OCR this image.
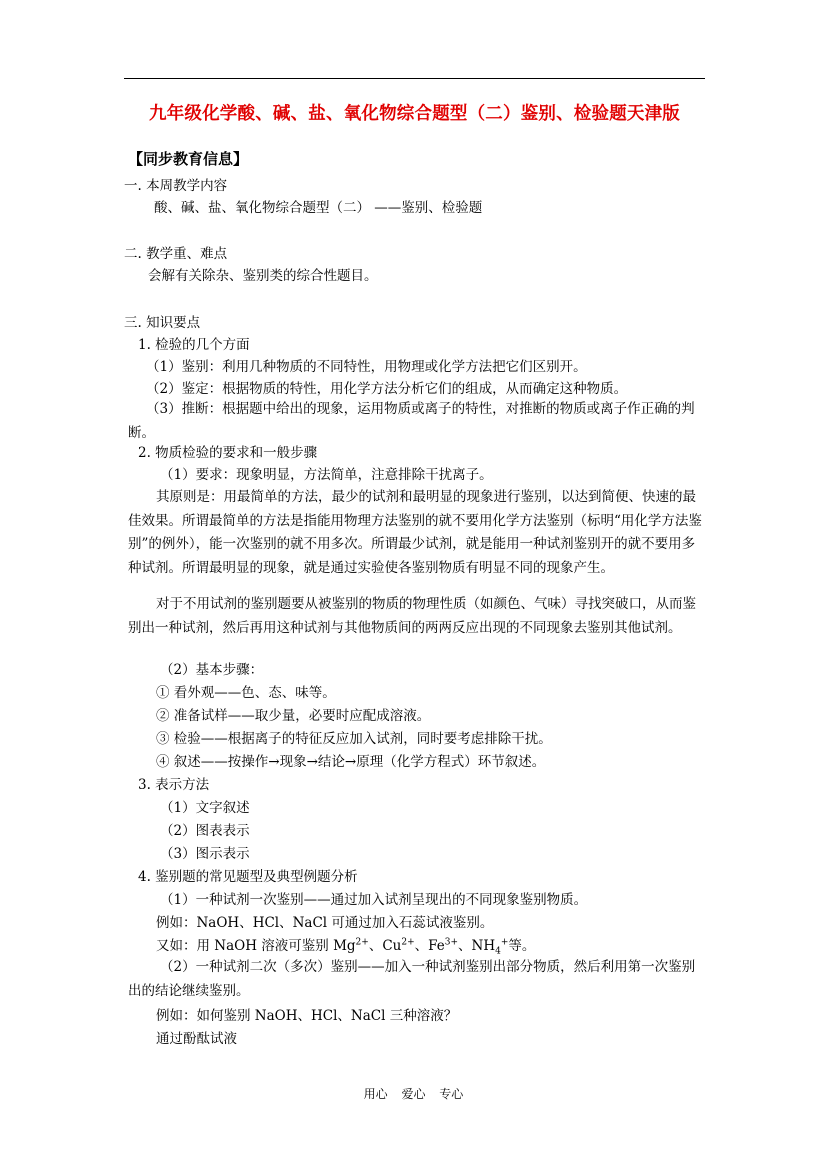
九年级化学酸、碱、盐、氧化物综合题型（二）鉴别、检验题天津版
【同步教育信息】
一. 本周教学内容
酸、碱、盐、氧化物综合题型（二） ——鉴别、检验题
二. 教学重、难点
会解有关除杂、鉴别类的综合性题目。
三. 知识要点
1. 检验的几个方面
（1）鉴别：利用几种物质的不同特性，用物理或化学方法把它们区别开。
（2）鉴定：根据物质的特性，用化学方法分析它们的组成，从而确定这种物质。
（3）推断：根据题中给出的现象，运用物质或离子的特性，对推断的物质或离子作正确的判断。
2. 物质检验的要求和一般步骤
（1）要求：现象明显，方法简单，注意排除干扰离子。
其原则是：用最简单的方法，最少的试剂和最明显的现象进行鉴别，以达到简便、快速的最佳效果。所谓最简单的方法是指能用物理方法鉴别的就不要用化学方法鉴别（标明“用化学方法鉴别”的例外），能一次鉴别的就不用多次。所谓最少试剂，就是能用一种试剂鉴别开的就不要用多种试剂。所谓最明显的现象，就是通过实验使各鉴别物质有明显不同的现象产生。
对于不用试剂的鉴别题要从被鉴别的物质的物理性质（如颜色、气味）寻找突破口，从而鉴别出一种试剂，然后再用这种试剂与其他物质间的两两反应出现的不同现象去鉴别其他试剂。
（2）基本步骤：
① 看外观——色、态、味等。
② 准备试样——取少量，必要时应配成溶液。
③ 检验——根据离子的特征反应加入试剂，同时要考虑排除干扰。
④ 叙述——按操作→现象→结论→原理（化学方程式）环节叙述。
3. 表示方法
（1）文字叙述
（2）图表表示
（3）图示表示
4. 鉴别题的常见题型及典型例题分析
（1）一种试剂一次鉴别——通过加入试剂呈现出的不同现象鉴别物质。
例如：NaOH、HCl、NaCl 可通过加入石蕊试液鉴别。
又如：用 NaOH 溶液可鉴别 $Mg^{2+}$、$Cu^{2+}$、$Fe^{3+}$、$NH_4^+$等。
（2）一种试剂二次（多次）鉴别——加入一种试剂鉴别出部分物质，然后利用第一次鉴别出的结论继续鉴别。
例如：如何鉴别 NaOH、HCl、NaCl 三种溶液？
通过酚酞试液
用心 爱心 专心
